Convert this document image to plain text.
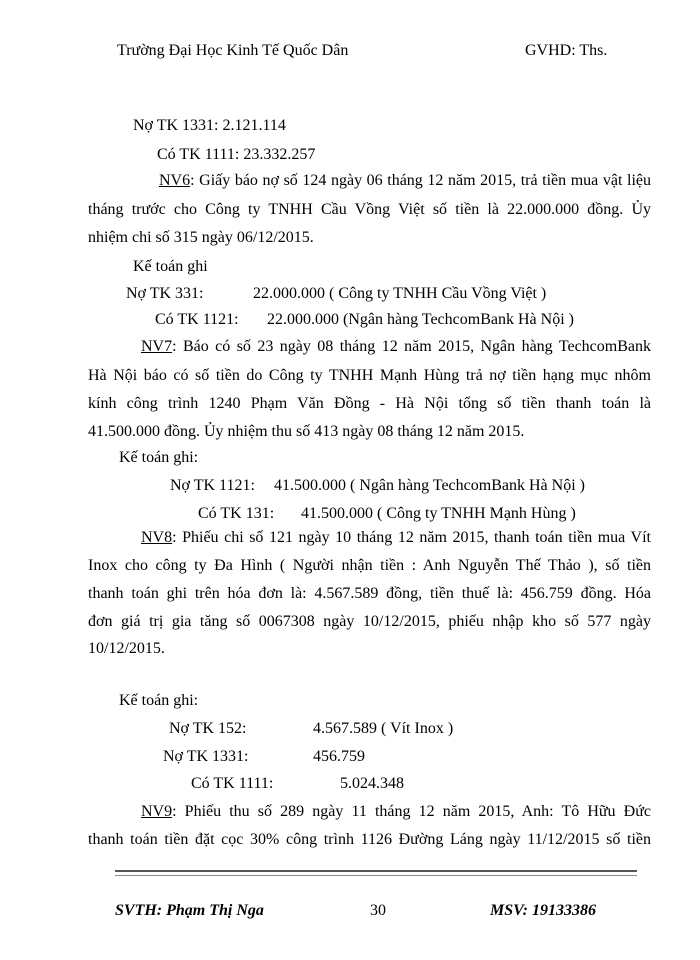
Trường Đại Học Kinh Tế Quốc Dân	GVHD: Ths.
Nợ TK 1331: 2.121.114
Có TK 1111: 23.332.257
NV6: Giấy báo nợ số 124 ngày 06 tháng 12 năm 2015, trả tiền mua vật liệu
tháng trước cho Công ty TNHH Cầu Vồng Việt số tiền là 22.000.000 đồng. Ủy
nhiệm chi số 315 ngày 06/12/2015.
Kế toán ghi
Nợ TK 331:	22.000.000 ( Công ty TNHH Cầu Vồng Việt )
Có TK 1121: 22.000.000 (Ngân hàng TechcomBank Hà Nội )
NV7: Báo có số 23 ngày 08 tháng 12 năm 2015, Ngân hàng TechcomBank
Hà Nội báo có số tiền do Công ty TNHH Mạnh Hùng trả nợ tiền hạng mục nhôm
kính công trình 1240 Phạm Văn Đồng - Hà Nội tổng số tiền thanh toán là
41.500.000 đồng. Ủy nhiệm thu số 413 ngày 08 tháng 12 năm 2015.
Kế toán ghi:
Nợ TK 1121: 41.500.000 ( Ngân hàng TechcomBank Hà Nội )
Có TK 131: 41.500.000 ( Công ty TNHH Mạnh Hùng )
NV8: Phiếu chi số 121 ngày 10 tháng 12 năm 2015, thanh toán tiền mua Vít
Inox cho công ty Đa Hình ( Người nhận tiền : Anh Nguyễn Thế Thảo ), số tiền
thanh toán ghi trên hóa đơn là: 4.567.589 đồng, tiền thuế là: 456.759 đồng. Hóa
đơn giá trị gia tăng số 0067308 ngày 10/12/2015, phiếu nhập kho số 577 ngày
10/12/2015.
Kế toán ghi:
Nợ TK 152:	4.567.589 ( Vít Inox )
Nợ TK 1331:	456.759
Có TK 1111:	5.024.348
NV9: Phiếu thu số 289 ngày 11 tháng 12 năm 2015, Anh: Tô Hữu Đức
thanh toán tiền đặt cọc 30% công trình 1126 Đường Láng ngày 11/12/2015 số tiền
SVTH: Phạm Thị Nga	30	MSV: 19133386
